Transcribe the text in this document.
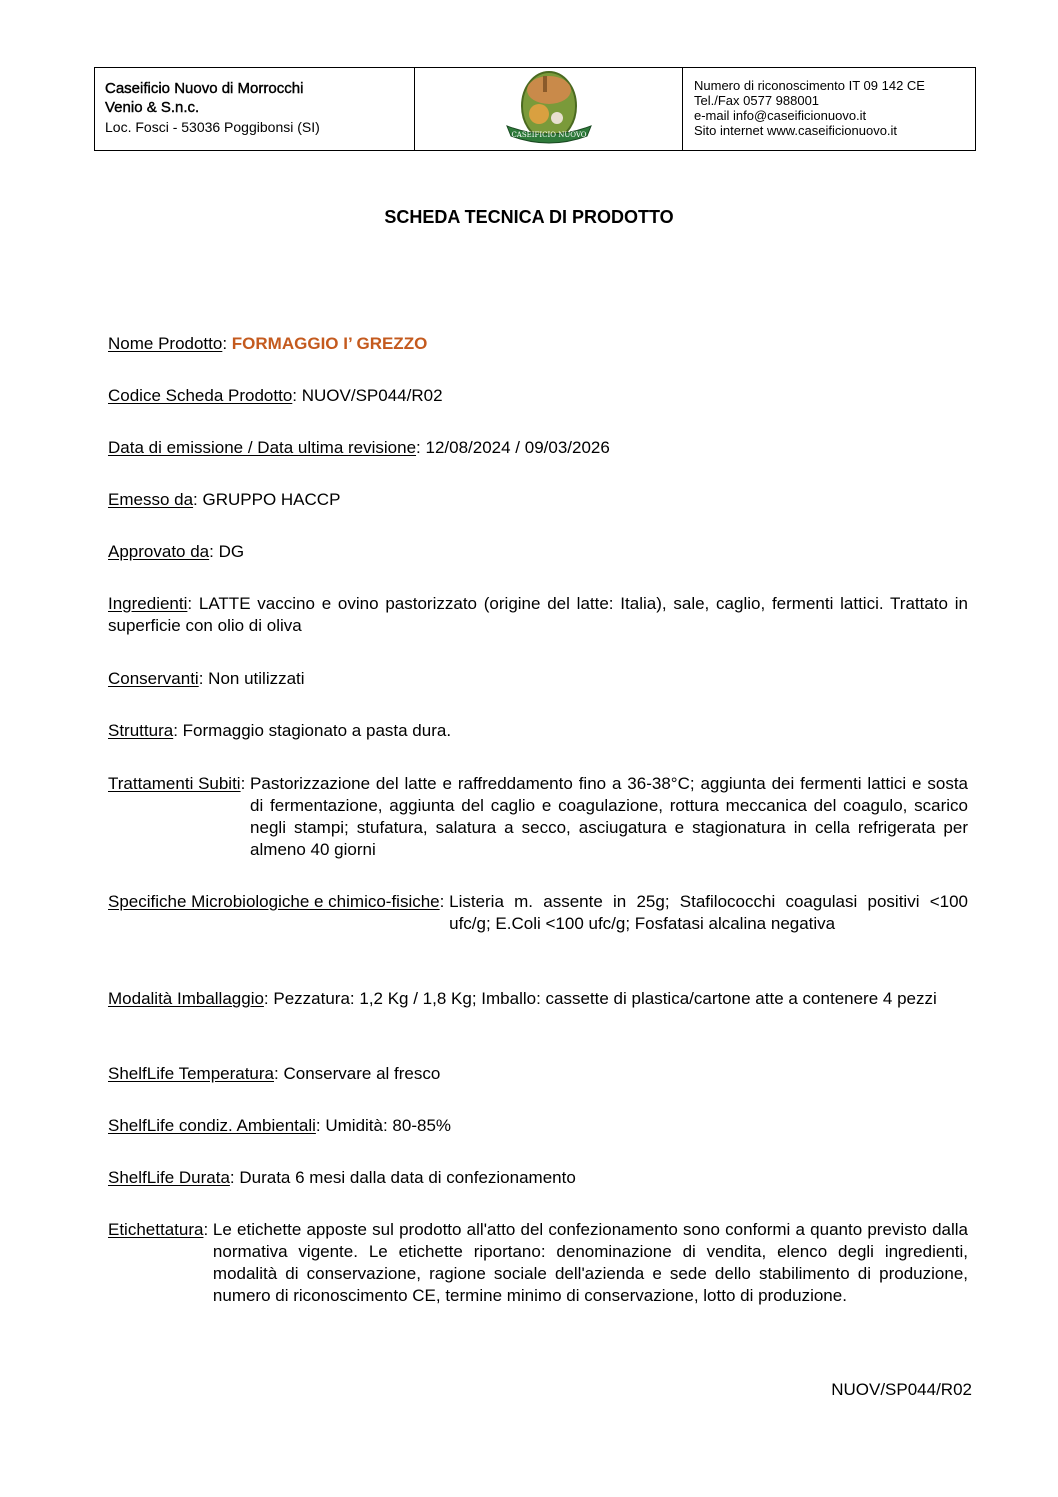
Caseificio Nuovo di Morrocchi
Venio & S.n.c.
Loc. Fosci - 53036 Poggibonsi (SI)	CASEIFICIO NUOVO
Numero di riconoscimento IT 09 142 CE
Tel./Fax 0577 988001
e-mail info@caseificionuovo.it
Sito internet www.caseificionuovo.it
SCHEDA TECNICA DI PRODOTTO
Nome Prodotto: FORMAGGIO I’ GREZZO
Codice Scheda Prodotto: NUOV/SP044/R02
Data di emissione / Data ultima revisione: 12/08/2024 / 09/03/2026
Emesso da: GRUPPO HACCP
Approvato da: DG
Ingredienti: LATTE vaccino e ovino pastorizzato (origine del latte: Italia), sale, caglio, fermenti lattici. Trattato in superficie con olio di oliva
Conservanti: Non utilizzati
Struttura: Formaggio stagionato a pasta dura.
Trattamenti Subiti: Pastorizzazione del latte e raffreddamento fino a 36-38°C; aggiunta dei fermenti lattici e sosta di fermentazione, aggiunta del caglio e coagulazione, rottura meccanica del coagulo, scarico negli stampi; stufatura, salatura a secco, asciugatura e stagionatura in cella refrigerata per almeno 40 giorni
Specifiche Microbiologiche e chimico-fisiche: Listeria m. assente in 25g; Stafilococchi coagulasi positivi <100 ufc/g; E.Coli <100 ufc/g; Fosfatasi alcalina negativa
Modalità Imballaggio: Pezzatura: 1,2 Kg / 1,8 Kg; Imballo: cassette di plastica/cartone atte a contenere 4 pezzi
ShelfLife Temperatura: Conservare al fresco
ShelfLife condiz. Ambientali: Umidità: 80-85%
ShelfLife Durata: Durata 6 mesi dalla data di confezionamento
Etichettatura: Le etichette apposte sul prodotto all'atto del confezionamento sono conformi a quanto previsto dalla normativa vigente. Le etichette riportano: denominazione di vendita, elenco degli ingredienti, modalità di conservazione, ragione sociale dell'azienda e sede dello stabilimento di produzione, numero di riconoscimento CE, termine minimo di conservazione, lotto di produzione.
NUOV/SP044/R02
